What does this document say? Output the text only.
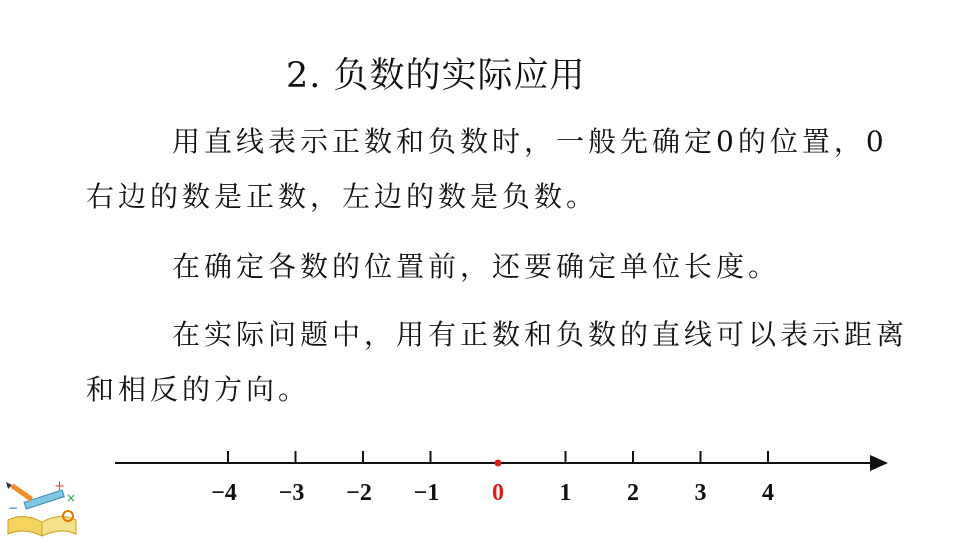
2. 负数的实际应用

用直线表示正数和负数时，一般先确定0的位置，0右边的数是正数，左边的数是负数。

在确定各数的位置前，还要确定单位长度。

在实际问题中，用有正数和负数的直线可以表示距离和相反的方向。

−4 −3 −2 −1 0 1 2 3 4
+
×
−
